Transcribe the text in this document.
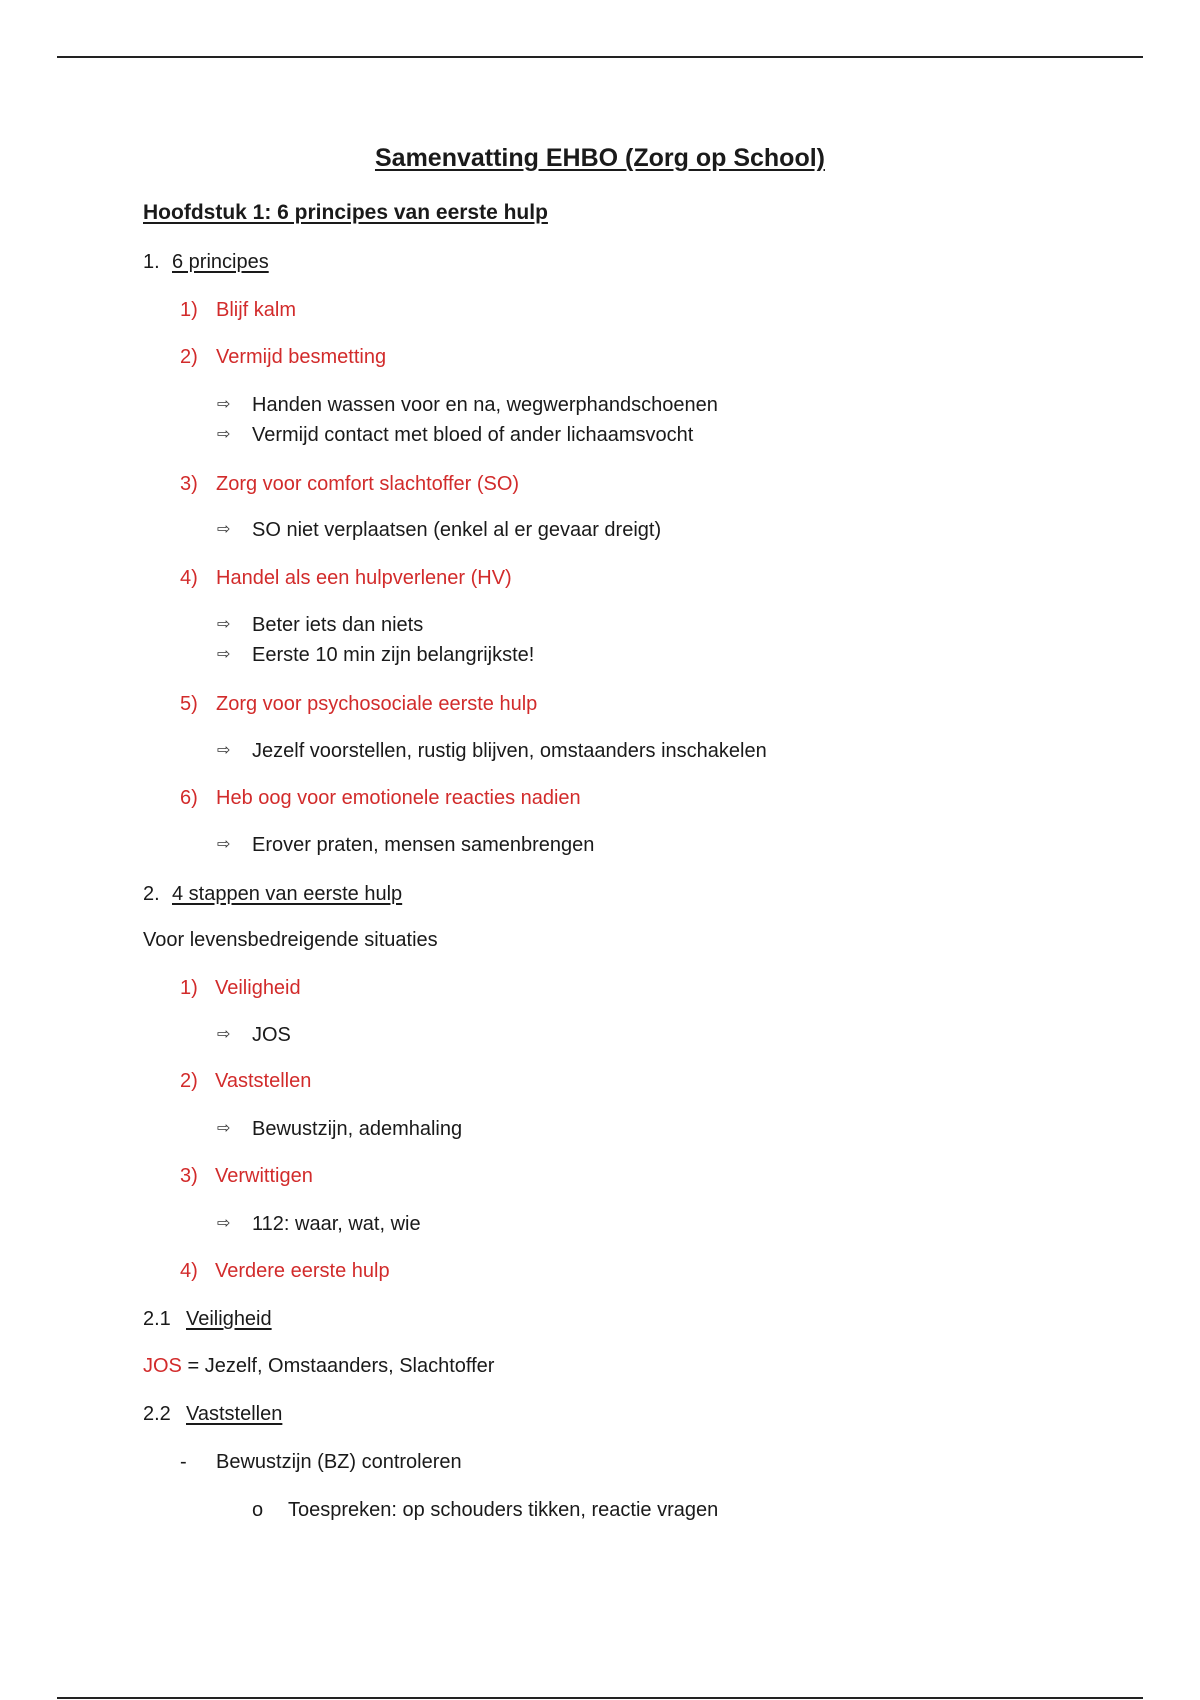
Samenvatting EHBO (Zorg op School)
Hoofdstuk 1: 6 principes van eerste hulp
1. 6 principes
1) Blijf kalm
2) Vermijd besmetting
⇨ Handen wassen voor en na, wegwerphandschoenen
⇨ Vermijd contact met bloed of ander lichaamsvocht
3) Zorg voor comfort slachtoffer (SO)
⇨ SO niet verplaatsen (enkel al er gevaar dreigt)
4) Handel als een hulpverlener (HV)
⇨ Beter iets dan niets
⇨ Eerste 10 min zijn belangrijkste!
5) Zorg voor psychosociale eerste hulp
⇨ Jezelf voorstellen, rustig blijven, omstaanders inschakelen
6) Heb oog voor emotionele reacties nadien
⇨ Erover praten, mensen samenbrengen
2. 4 stappen van eerste hulp
Voor levensbedreigende situaties
1) Veiligheid
⇨ JOS
2) Vaststellen
⇨ Bewustzijn, ademhaling
3) Verwittigen
⇨ 112: waar, wat, wie
4) Verdere eerste hulp
2.1 Veiligheid
JOS = Jezelf, Omstaanders, Slachtoffer
2.2 Vaststellen
- Bewustzijn (BZ) controleren
o Toespreken: op schouders tikken, reactie vragen
